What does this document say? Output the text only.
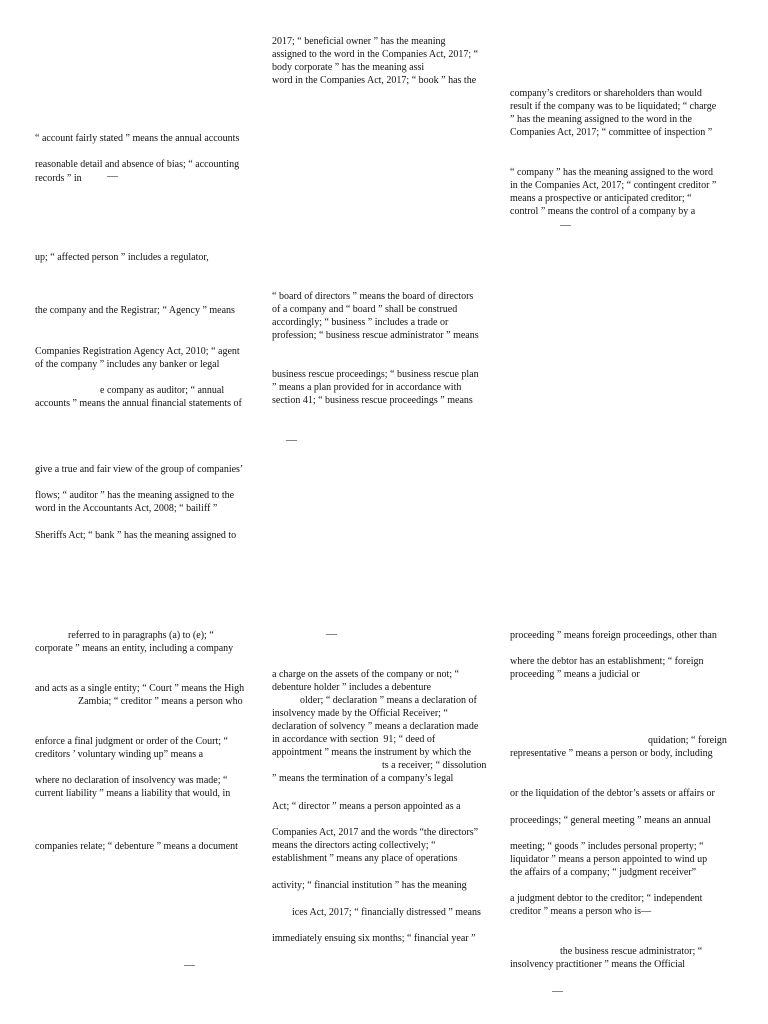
“ account fairly stated ” means the annual accounts
reasonable detail and absence of bias; “ accounting
records ” in —
up; “ affected person ” includes a regulator,
the company and the Registrar; “ Agency ” means
Companies Registration Agency Act, 2010; “ agent
of the company ” includes any banker or legal
e company as auditor; “ annual
accounts ” means the annual financial statements of
give a true and fair view of the group of companies’
flows; “ auditor ” has the meaning assigned to the
word in the Accountants Act, 2008; “ bailiff ”
Sheriffs Act; “ bank ” has the meaning assigned to
referred to in paragraphs (a) to (e); “
corporate ” means an entity, including a company
and acts as a single entity; “ Court ” means the High
Zambia; “ creditor ” means a person who
enforce a final judgment or order of the Court; “
creditors ’ voluntary winding up” means a
where no declaration of insolvency was made; “
current liability ” means a liability that would, in
companies relate; “ debenture ” means a document
—
2017; “ beneficial owner ” has the meaning
assigned to the word in the Companies Act, 2017; “
body corporate ” has the meaning assi
word in the Companies Act, 2017; “ book ” has the
“ board of directors ” means the board of directors
of a company and “ board ” shall be construed
accordingly; “ business ” includes a trade or
profession; “ business rescue administrator ” means
business rescue proceedings; “ business rescue plan
” means a plan provided for in accordance with
section 41; “ business rescue proceedings ” means
—
—
a charge on the assets of the company or not; “
debenture holder ” includes a debenture
older; “ declaration ” means a declaration of
insolvency made by the Official Receiver; “
declaration of solvency ” means a declaration made
in accordance with section  91; “ deed of
appointment ” means the instrument by which the
ts a receiver; “ dissolution
” means the termination of a company’s legal
Act; “ director ” means a person appointed as a
Companies Act, 2017 and the words “the directors”
means the directors acting collectively; “
establishment ” means any place of operations
activity; “ financial institution ” has the meaning
ices Act, 2017; “ financially distressed ” means
immediately ensuing six months; “ financial year ”
company’s creditors or shareholders than would
result if the company was to be liquidated; “ charge
” has the meaning assigned to the word in the
Companies Act, 2017; “ committee of inspection ”
“ company ” has the meaning assigned to the word
in the Companies Act, 2017; “ contingent creditor ”
means a prospective or anticipated creditor; “
control ” means the control of a company by a
—
proceeding ” means foreign proceedings, other than
where the debtor has an establishment; “ foreign
proceeding ” means a judicial or
quidation; “ foreign
representative ” means a person or body, including
or the liquidation of the debtor’s assets or affairs or
proceedings; “ general meeting ” means an annual
meeting; “ goods ” includes personal property; “
liquidator ” means a person appointed to wind up
the affairs of a company; “ judgment receiver”
a judgment debtor to the creditor; “ independent
creditor ” means a person who is—
the business rescue administrator; “
insolvency practitioner ” means the Official
—
